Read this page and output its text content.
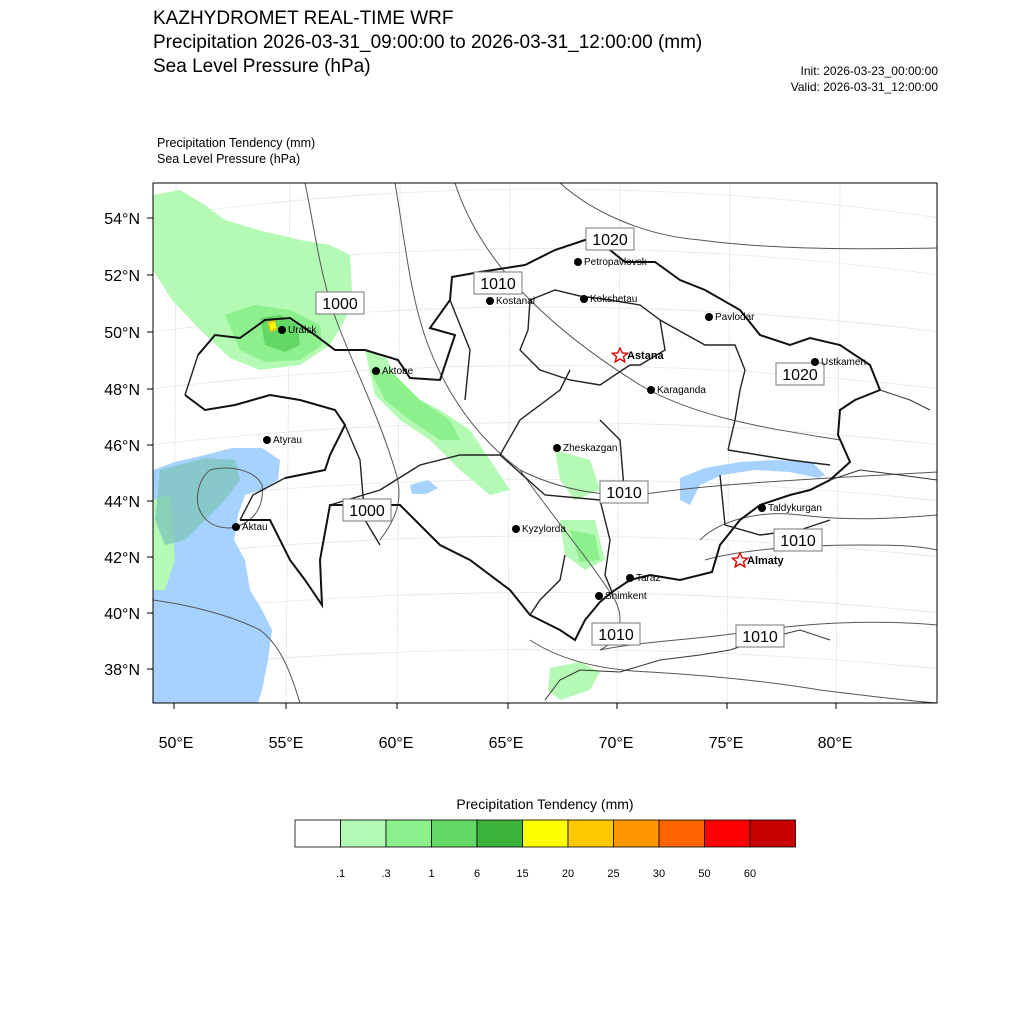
KAZHYDROMET REAL-TIME WRF
Precipitation 2026-03-31_09:00:00 to 2026-03-31_12:00:00 (mm)
Sea Level Pressure (hPa)	Init: 2026-03-23_00:00:00
Valid: 2026-03-31_12:00:00
Precipitation Tendency (mm)
Sea Level Pressure (hPa)
54°N
52°N
50°N
48°N
46°N
44°N
42°N
40°N
38°N
50°E	55°E	60°E	65°E	70°E	75°E	80°E
1020
1010
1000
1020
1010
1000
1010
1010	1010
Petropavlovsk
Kostanai	Kokshetau
Pavlodar
Uralsk
Astana
Ustkamen
Aktobe
Karaganda
Atyrau
Zheskazgan
Taldykurgan
Aktau	Kyzylorda
Almaty
Taraz
Shimkent
Precipitation Tendency (mm)
.1	.3	1	6	15	20	25	30	50	60
